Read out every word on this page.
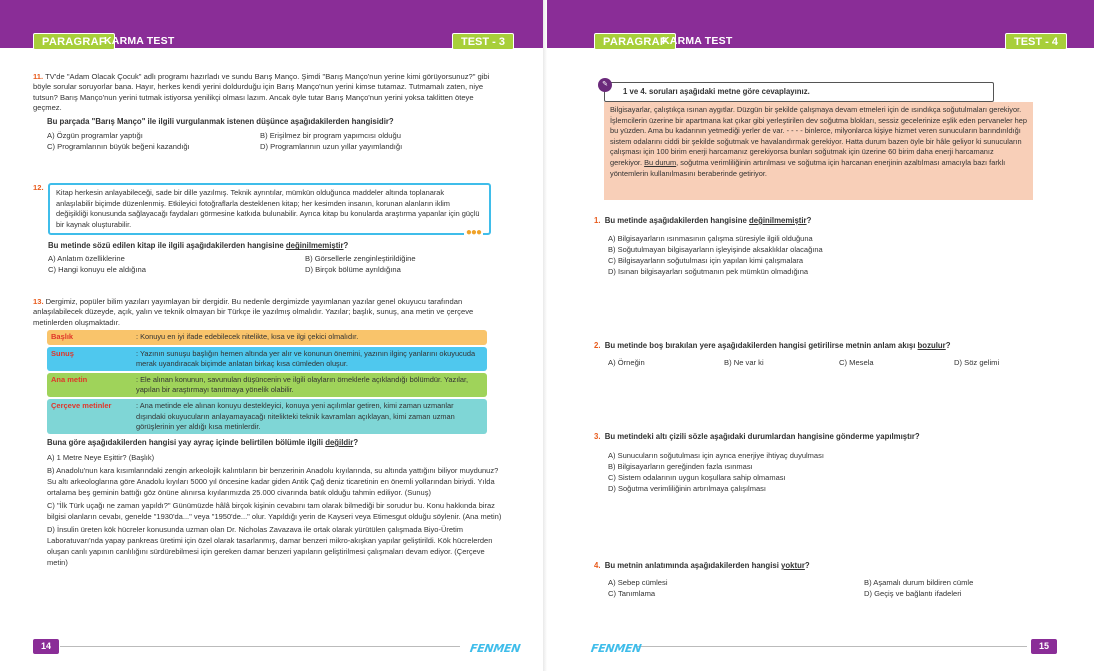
PARAGRAF
KARMA TEST	TEST - 3
11. TV'de "Adam Olacak Çocuk" adlı programı hazırladı ve sundu Barış Manço. Şimdi "Barış Manço'nun yerine kimi görüyorsunuz?" gibi böyle sorular soruyorlar bana. Hayır, herkes kendi yerini doldurduğu için Barış Manço'nun yerini kimse tutamaz. Tutmamalı zaten, niye tutsun? Barış Manço'nun yerini tutmak istiyorsa yenilikçi olması lazım. Ancak öyle tutar Barış Manço'nun yerini yoksa taklitten öteye geçmez.
Bu parçada "Barış Manço" ile ilgili vurgulanmak istenen düşünce aşağıdakilerden hangisidir?
A) Özgün programlar yaptığı	B) Erişilmez bir program yapımcısı olduğu
C) Programlarının büyük beğeni kazandığı	D) Programlarının uzun yıllar yayımlandığı
12.
Kitap herkesin anlayabileceği, sade bir dille yazılmış. Teknik ayrıntılar, mümkün olduğunca maddeler altında toplanarak anlaşılabilir biçimde düzenlenmiş. Etkileyici fotoğraflarla desteklenen kitap; her kesimden insanın, korunan alanların iklim değişikliği konusunda sağlayacağı faydaları görmesine katkıda bulunabilir. Ayrıca kitap bu konularda araştırma yapanlar için güçlü bir kaynak oluşturabilir.
●●●
Bu metinde sözü edilen kitap ile ilgili aşağıdakilerden hangisine değinilmemiştir?
A) Anlatım özelliklerine	B) Görsellerle zenginleştirildiğine
C) Hangi konuyu ele aldığına	D) Birçok bölüme ayrıldığına
13. Dergimiz, popüler bilim yazıları yayımlayan bir dergidir. Bu nedenle dergimizde yayımlanan yazılar genel okuyucu tarafından anlaşılabilecek düzeyde, açık, yalın ve teknik olmayan bir Türkçe ile yazılmış olmalıdır. Yazılar; başlık, sunuş, ana metin ve çerçeve metinlerden oluşmaktadır.
Başlık	: Konuyu en iyi ifade edebilecek nitelikte, kısa ve ilgi çekici olmalıdır.
Sunuş	: Yazının sunuşu başlığın hemen altında yer alır ve konunun önemini, yazının ilginç yanlarını okuyucuda merak uyandıracak biçimde anlatan birkaç kısa cümleden oluşur.
Ana metin	: Ele alınan konunun, savunulan düşüncenin ve ilgili olayların örneklerle açıklandığı bölümdür. Yazılar, yapılan bir araştırmayı tanıtmaya yönelik olabilir.
Çerçeve metinler	: Ana metinde ele alınan konuyu destekleyici, konuya yeni açılımlar getiren, kimi zaman uzmanlar dışındaki okuyucuların anlayamayacağı nitelikteki teknik kavramları açıklayan, kimi zaman uzman görüşlerinin yer aldığı kısa metinlerdir.
Buna göre aşağıdakilerden hangisi yay ayraç içinde belirtilen bölümle ilgili değildir?
A) 1 Metre Neye Eşittir? (Başlık)
B) Anadolu'nun kara kısımlarındaki zengin arkeolojik kalıntıların bir benzerinin Anadolu kıyılarında, su altında yattığını biliyor muydunuz? Su altı arkeologlarına göre Anadolu kıyıları 5000 yıl öncesine kadar giden Antik Çağ deniz ticaretinin en önemli yollarından biriydi. Yılda ortalama beş geminin battığı göz önüne alınırsa kıyılarımızda 25.000 civarında batık olduğu tahmin ediliyor. (Sunuş)
C) "İlk Türk uçağı ne zaman yapıldı?" Günümüzde hâlâ birçok kişinin cevabını tam olarak bilmediği bir sorudur bu. Konu hakkında biraz bilgisi olanların cevabı, genelde "1930'da..." veya "1950'de..." olur. Yapıldığı yerin de Kayseri veya Etimesgut olduğu söylenir. (Ana metin)
D) İnsulin üreten kök hücreler konusunda uzman olan Dr. Nicholas Zavazava ile ortak olarak yürütülen çalışmada Biyo-Üretim Laboratuvarı'nda yapay pankreas üretimi için özel olarak tasarlanmış, damar benzeri mikro-akışkan yapılar geliştirildi. Kök hücrelerden oluşan canlı yapının canlılığını sürdürebilmesi için gereken damar benzeri yapıların geliştirilmesi çalışmaları devam ediyor. (Çerçeve metin)
14	FENMEN
PARAGRAF
KARMA TEST	TEST - 4
1 ve 4. soruları aşağıdaki metne göre cevaplayınız.
✎
Bilgisayarlar, çalıştıkça ısınan aygıtlar. Düzgün bir şekilde çalışmaya devam etmeleri için de ısındıkça soğutulmaları gerekiyor. İşlemcilerin üzerine bir apartmana kat çıkar gibi yerleştirilen dev soğutma blokları, sessiz gecelerinize eşlik eden pervaneler hep bu yüzden. Ama bu kadarının yetmediği yerler de var. - - - - binlerce, milyonlarca kişiye hizmet veren sunucuların barındırıldığı sistem odalarını ciddi bir şekilde soğutmak ve havalandırmak gerekiyor. Hatta durum bazen öyle bir hâle geliyor ki sunucuların çalışması için 100 birim enerji harcamanız gerekiyorsa bunları soğutmak için üzerine 60 birim daha enerji harcamanız gerekiyor. Bu durum, soğutma verimliliğinin artırılması ve soğutma için harcanan enerjinin azaltılması amacıyla bazı farklı yöntemlerin kullanılmasını beraberinde getiriyor.
1. Bu metinde aşağıdakilerden hangisine değinilmemiştir?
A) Bilgisayarların ısınmasının çalışma süresiyle ilgili olduğuna
B) Soğutulmayan bilgisayarların işleyişinde aksaklıklar olacağına
C) Bilgisayarların soğutulması için yapılan kimi çalışmalara
D) Isınan bilgisayarları soğutmanın pek mümkün olmadığına
2. Bu metinde boş bırakılan yere aşağıdakilerden hangisi getirilirse metnin anlam akışı bozulur?
A) Örneğin	B) Ne var ki	C) Mesela	D) Söz gelimi
3. Bu metindeki altı çizili sözle aşağıdaki durumlardan hangisine gönderme yapılmıştır?
A) Sunucuların soğutulması için ayrıca enerjiye ihtiyaç duyulması
B) Bilgisayarların gereğinden fazla ısınması
C) Sistem odalarının uygun koşullara sahip olmaması
D) Soğutma verimliliğinin artırılmaya çalışılması
4. Bu metnin anlatımında aşağıdakilerden hangisi yoktur?
A) Sebep cümlesi	B) Aşamalı durum bildiren cümle
C) Tanımlama	D) Geçiş ve bağlantı ifadeleri
FENMEN	15
